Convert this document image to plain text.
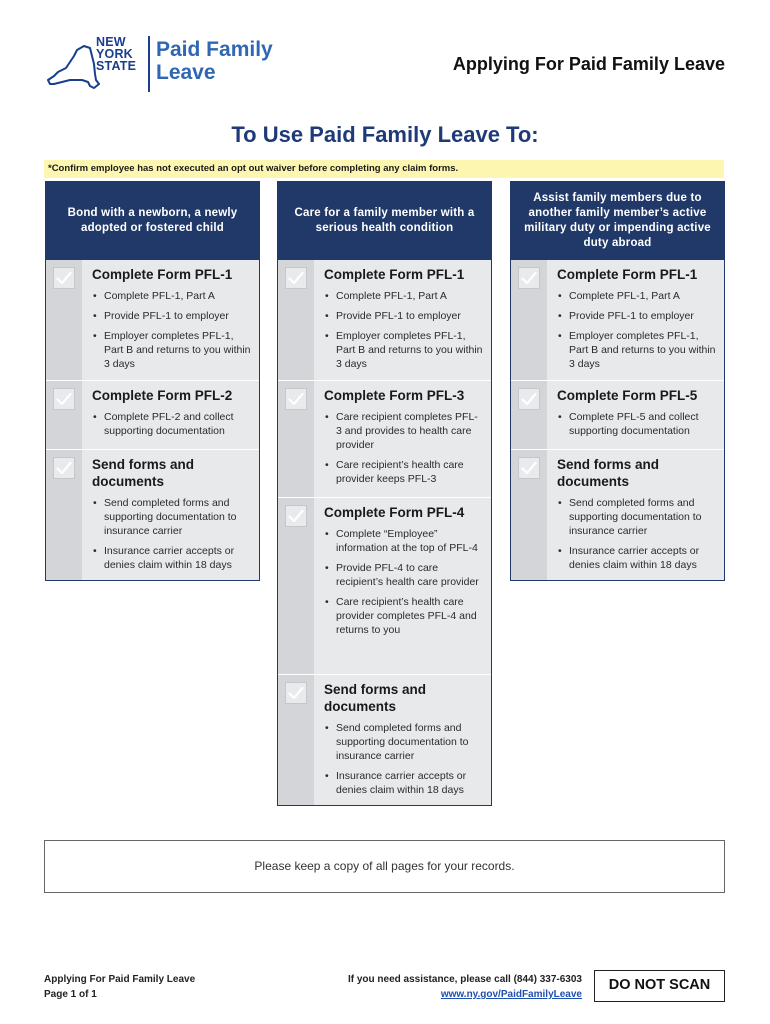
NEW
YORK
STATE
Paid Family
Leave	Applying For Paid Family Leave
To Use Paid Family Leave To:
*Confirm employee has not executed an opt out waiver before completing any claim forms.
Bond with a newborn, a newly adopted or fostered child
Complete Form PFL-1
• Complete PFL-1, Part A
• Provide PFL-1 to employer
• Employer completes PFL-1, Part B and returns to you within 3 days
Complete Form PFL-2
• Complete PFL-2 and collect supporting documentation
Send forms and documents
• Send completed forms and supporting documentation to insurance carrier
• Insurance carrier accepts or denies claim within 18 days
Care for a family member with a serious health condition
Complete Form PFL-1
• Complete PFL-1, Part A
• Provide PFL-1 to employer
• Employer completes PFL-1, Part B and returns to you within 3 days
Complete Form PFL-3
• Care recipient completes PFL-3 and provides to health care provider
• Care recipient’s health care provider keeps PFL-3
Complete Form PFL-4
• Complete “Employee” information at the top of PFL-4
• Provide PFL-4 to care recipient’s health care provider
• Care recipient’s health care provider completes PFL-4 and returns to you
Send forms and documents
• Send completed forms and supporting documentation to insurance carrier
• Insurance carrier accepts or denies claim within 18 days
Assist family members due to another family member’s active military duty or impending active duty abroad
Complete Form PFL-1
• Complete PFL-1, Part A
• Provide PFL-1 to employer
• Employer completes PFL-1, Part B and returns to you within 3 days
Complete Form PFL-5
• Complete PFL-5 and collect supporting documentation
Send forms and documents
• Send completed forms and supporting documentation to insurance carrier
• Insurance carrier accepts or denies claim within 18 days
Please keep a copy of all pages for your records.
Applying For Paid Family Leave
Page 1 of 1
If you need assistance, please call (844) 337-6303
www.ny.gov/PaidFamilyLeave
DO NOT SCAN
